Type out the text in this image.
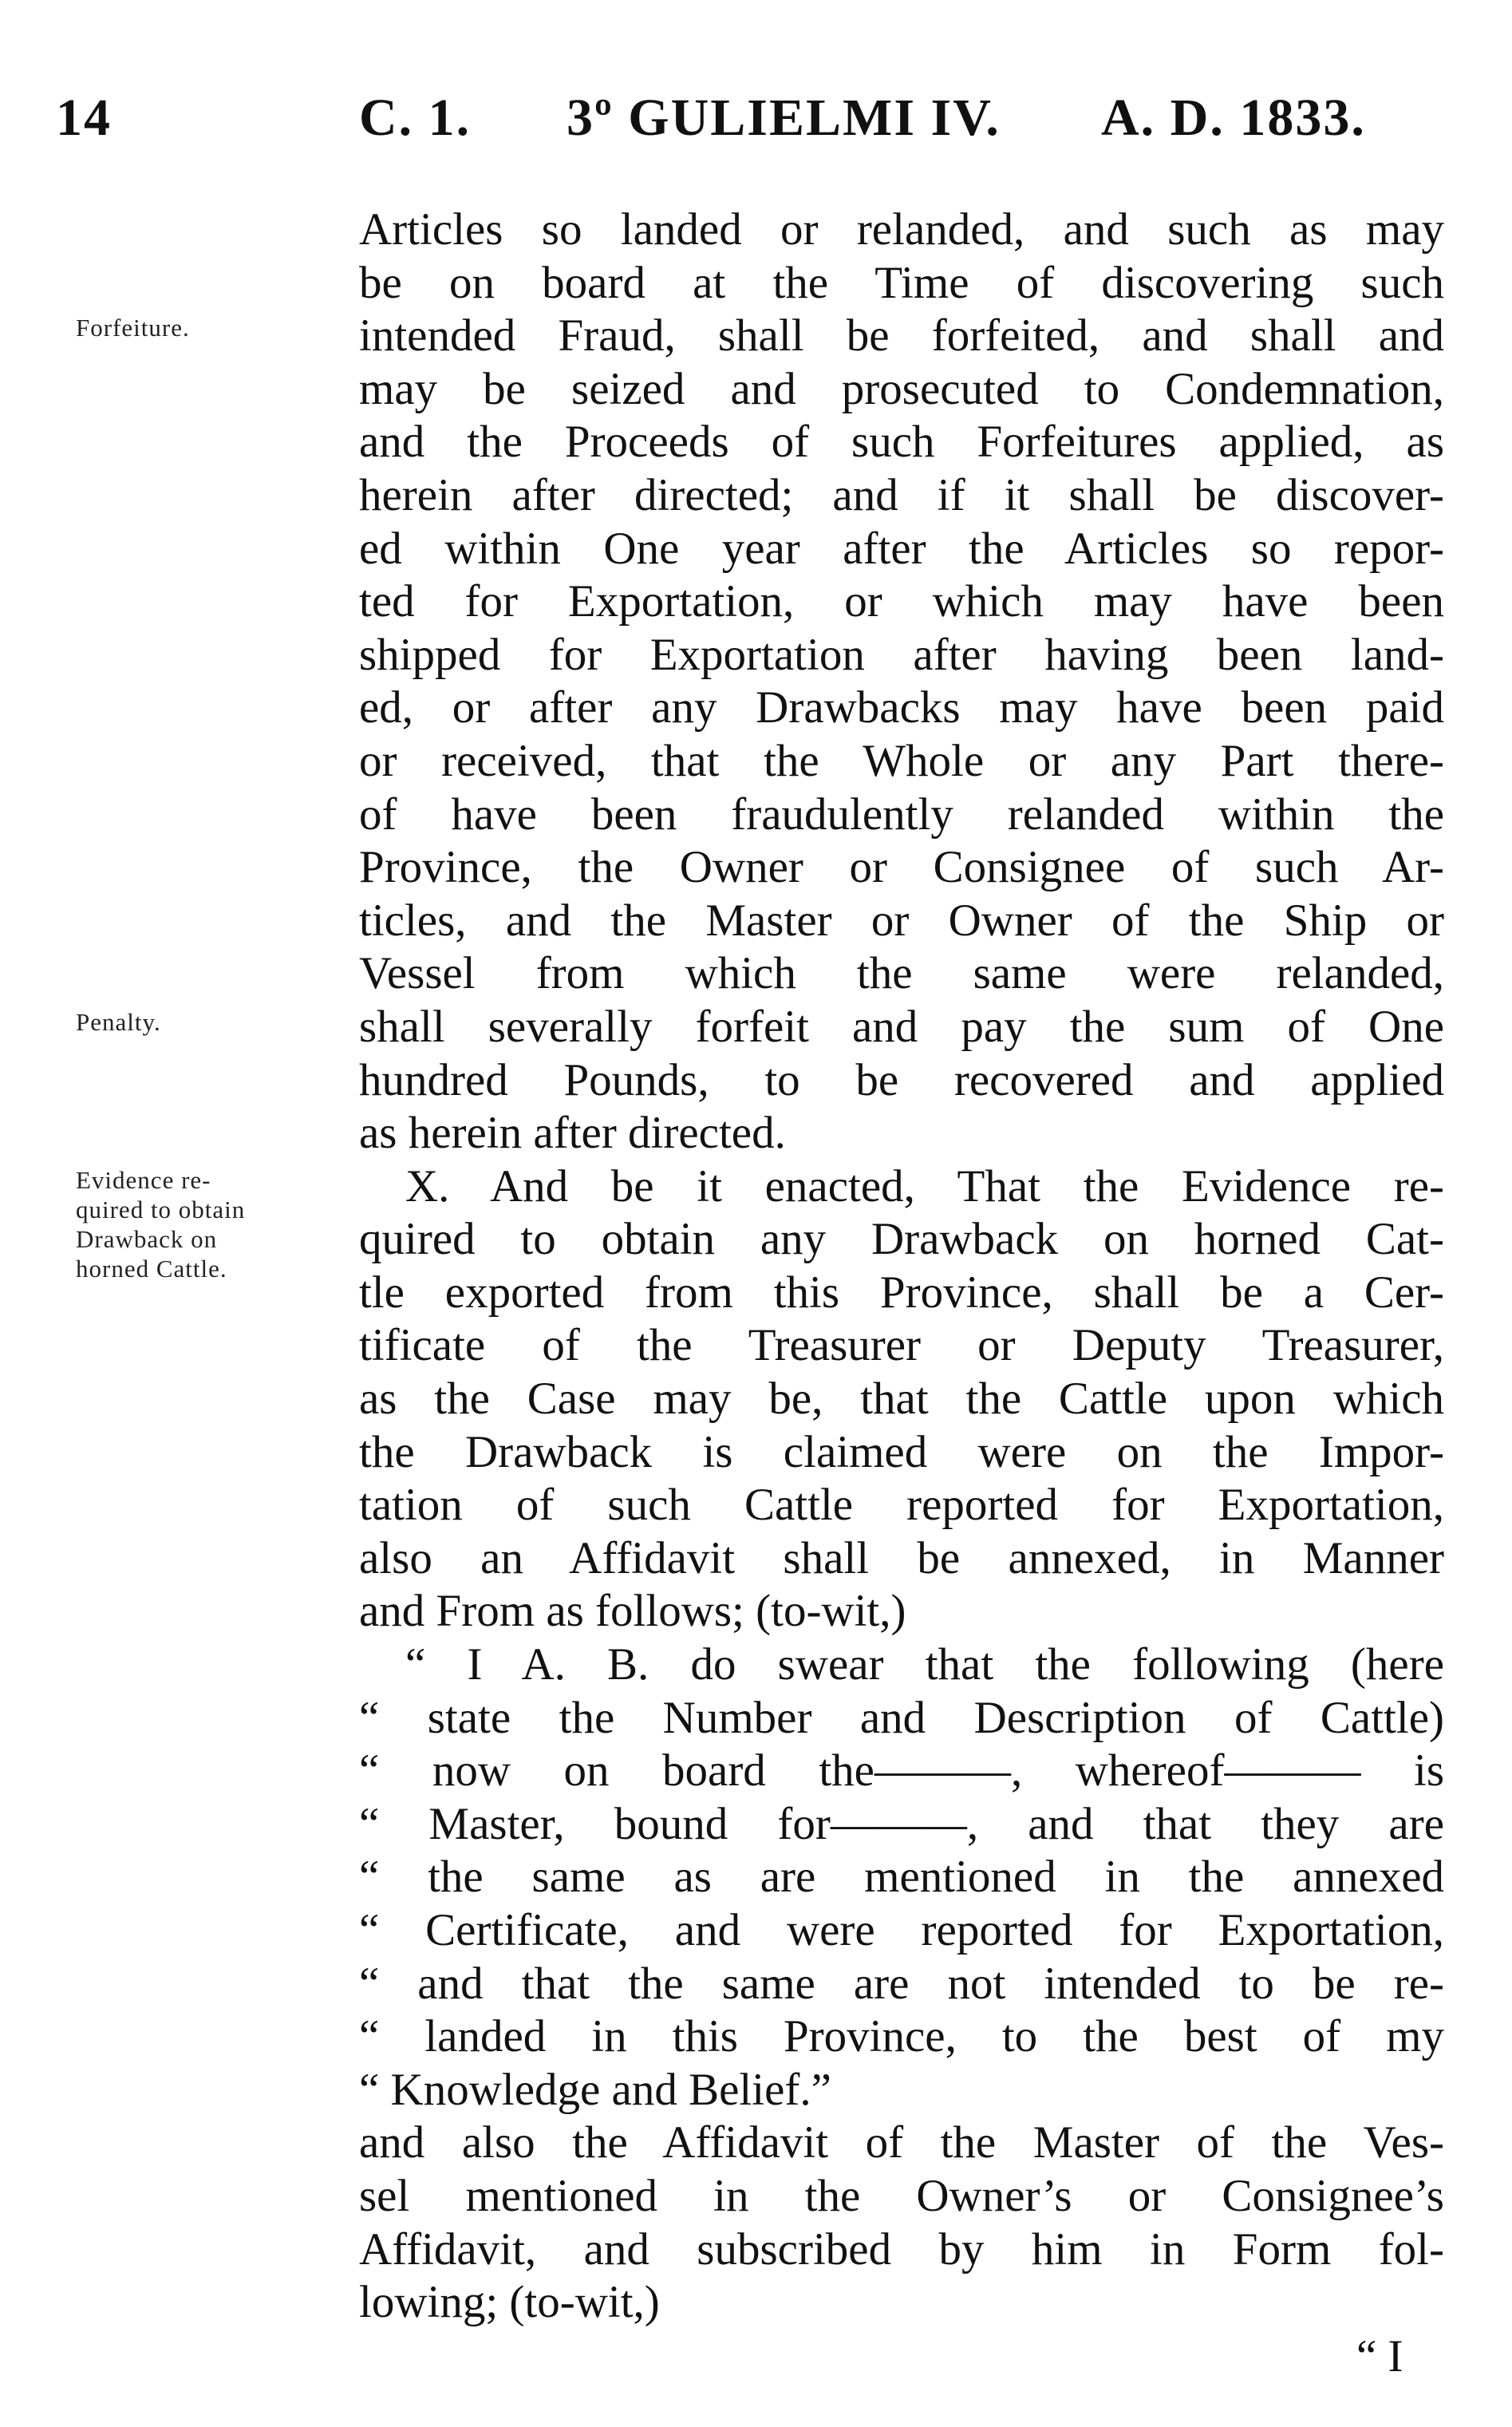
14	C. 1. 3º GULIELMI IV. A. D. 1833.
Forfeiture.
Penalty.
Evidence re-
quired to obtain
Drawback on
horned Cattle.
Articles so landed or relanded, and such as may
be on board at the Time of discovering such
intended Fraud, shall be forfeited, and shall and
may be seized and prosecuted to Condemnation,
and the Proceeds of such Forfeitures applied, as
herein after directed; and if it shall be discover-
ed within One year after the Articles so repor-
ted for Exportation, or which may have been
shipped for Exportation after having been land-
ed, or after any Drawbacks may have been paid
or received, that the Whole or any Part there-
of have been fraudulently relanded within the
Province, the Owner or Consignee of such Ar-
ticles, and the Master or Owner of the Ship or
Vessel from which the same were relanded,
shall severally forfeit and pay the sum of One
hundred Pounds, to be recovered and applied
as herein after directed.
X. And be it enacted, That the Evidence re-
quired to obtain any Drawback on horned Cat-
tle exported from this Province, shall be a Cer-
tificate of the Treasurer or Deputy Treasurer,
as the Case may be, that the Cattle upon which
the Drawback is claimed were on the Impor-
tation of such Cattle reported for Exportation,
also an Affidavit shall be annexed, in Manner
and From as follows; (to-wit,)
“ I A. B. do swear that the following (here
“ state the Number and Description of Cattle)
“ now on board the———, whereof——— is
“ Master, bound for———, and that they are
“ the same as are mentioned in the annexed
“ Certificate, and were reported for Exportation,
“ and that the same are not intended to be re-
“ landed in this Province, to the best of my
“ Knowledge and Belief.”
and also the Affidavit of the Master of the Ves-
sel mentioned in the Owner’s or Consignee’s
Affidavit, and subscribed by him in Form fol-
lowing; (to-wit,)
“ I
